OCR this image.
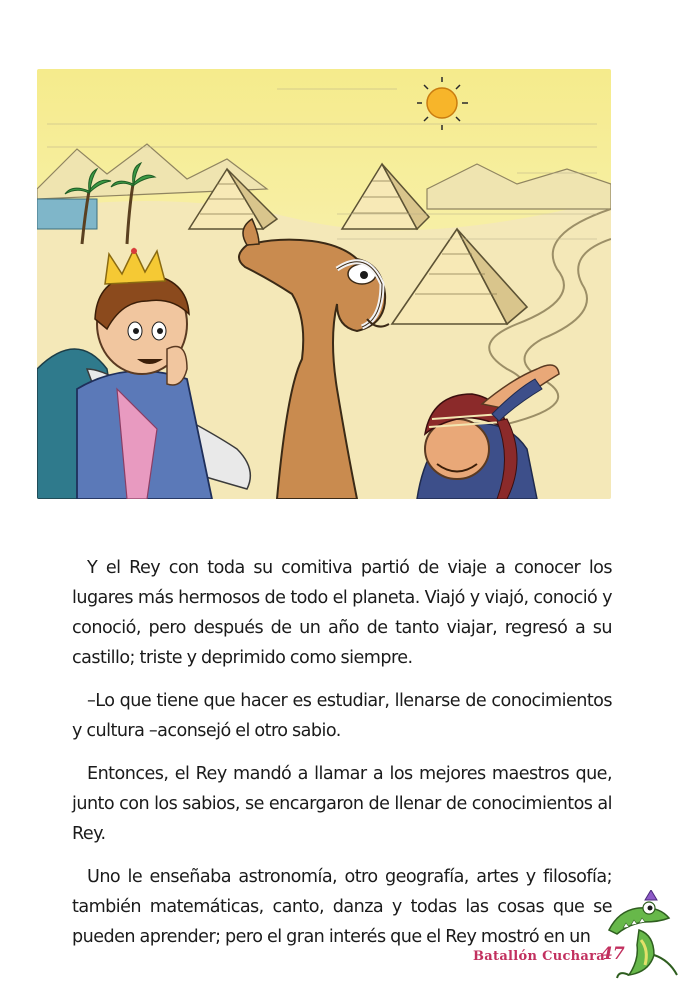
Y el Rey con toda su comitiva partió de viaje a conocer los lugares más hermosos de todo el planeta. Viajó y viajó, conoció y conoció, pero después de un año de tanto viajar, regresó a su castillo; triste y deprimido como siempre.

–Lo que tiene que hacer es estudiar, llenarse de conocimientos y cultura –aconsejó el otro sabio.

Entonces, el Rey mandó a llamar a los mejores maestros que, junto con los sabios, se encargaron de llenar de conocimientos al Rey.

Uno le enseñaba astronomía, otro geografía, artes y filosofía; también matemáticas, canto, danza y todas las cosas que se pueden aprender; pero el gran interés que el Rey mostró en un

Batallón Cuchara
47
